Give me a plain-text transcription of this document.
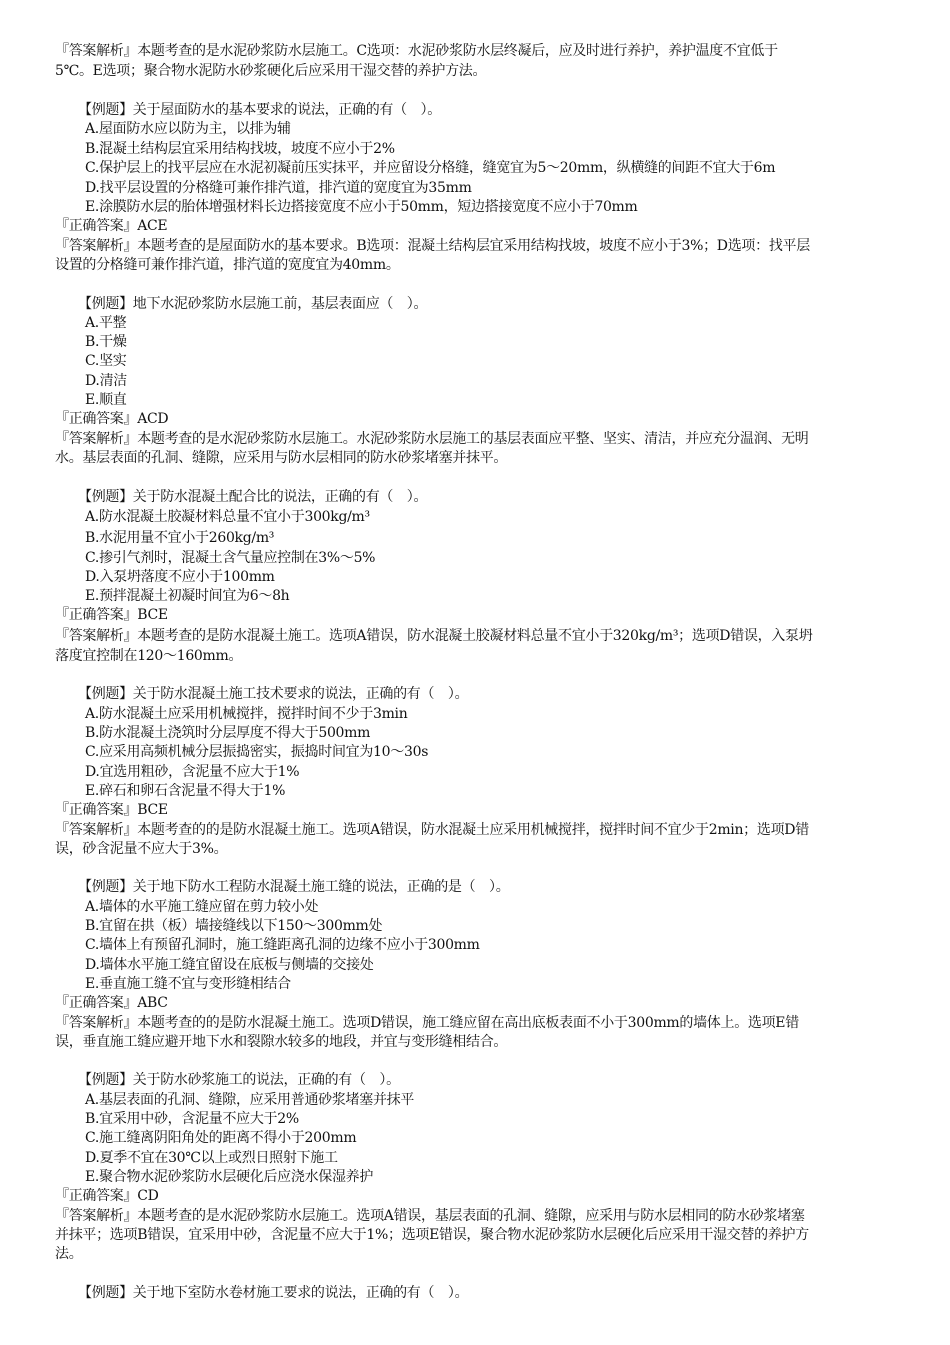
『答案解析』本题考查的是水泥砂浆防水层施工。C选项：水泥砂浆防水层终凝后，应及时进行养护，养护温度不宜低于
5℃。E选项；聚合物水泥防水砂浆硬化后应采用干湿交替的养护方法。
【例题】关于屋面防水的基本要求的说法，正确的有（　）。
A.屋面防水应以防为主，以排为辅
B.混凝土结构层宜采用结构找坡，坡度不应小于2%
C.保护层上的找平层应在水泥初凝前压实抹平，并应留设分格缝，缝宽宜为5～20mm，纵横缝的间距不宜大于6m
D.找平层设置的分格缝可兼作排汽道，排汽道的宽度宜为35mm
E.涂膜防水层的胎体增强材料长边搭接宽度不应小于50mm，短边搭接宽度不应小于70mm
『正确答案』ACE
『答案解析』本题考查的是屋面防水的基本要求。B选项：混凝土结构层宜采用结构找坡，坡度不应小于3%；D选项：找平层
设置的分格缝可兼作排汽道，排汽道的宽度宜为40mm。
【例题】地下水泥砂浆防水层施工前，基层表面应（　）。
A.平整
B.干燥
C.坚实
D.清洁
E.顺直
『正确答案』ACD
『答案解析』本题考查的是水泥砂浆防水层施工。水泥砂浆防水层施工的基层表面应平整、坚实、清洁，并应充分温润、无明
水。基层表面的孔洞、缝隙，应采用与防水层相同的防水砂浆堵塞并抹平。
【例题】关于防水混凝土配合比的说法，正确的有（　）。
A.防水混凝土胶凝材料总量不宜小于300kg/m³
B.水泥用量不宜小于260kg/m³
C.掺引气剂时，混凝土含气量应控制在3%～5%
D.入泵坍落度不应小于100mm
E.预拌混凝土初凝时间宜为6～8h
『正确答案』BCE
『答案解析』本题考查的是防水混凝土施工。选项A错误，防水混凝土胶凝材料总量不宜小于320kg/m³；选项D错误，入泵坍
落度宜控制在120～160mm。
【例题】关于防水混凝土施工技术要求的说法，正确的有（　）。
A.防水混凝土应采用机械搅拌，搅拌时间不少于3min
B.防水混凝土浇筑时分层厚度不得大于500mm
C.应采用高频机械分层振捣密实，振捣时间宜为10～30s
D.宜选用粗砂，含泥量不应大于1%
E.碎石和卵石含泥量不得大于1%
『正确答案』BCE
『答案解析』本题考查的的是防水混凝土施工。选项A错误，防水混凝土应采用机械搅拌，搅拌时间不宜少于2min；选项D错
误，砂含泥量不应大于3%。
【例题】关于地下防水工程防水混凝土施工缝的说法，正确的是（　）。
A.墙体的水平施工缝应留在剪力较小处
B.宜留在拱（板）墙接缝线以下150～300mm处
C.墙体上有预留孔洞时，施工缝距离孔洞的边缘不应小于300mm
D.墙体水平施工缝宜留设在底板与侧墙的交接处
E.垂直施工缝不宜与变形缝相结合
『正确答案』ABC
『答案解析』本题考查的的是防水混凝土施工。选项D错误，施工缝应留在高出底板表面不小于300mm的墙体上。选项E错
误，垂直施工缝应避开地下水和裂隙水较多的地段，并宜与变形缝相结合。
【例题】关于防水砂浆施工的说法，正确的有（　）。
A.基层表面的孔洞、缝隙，应采用普通砂浆堵塞并抹平
B.宜采用中砂，含泥量不应大于2%
C.施工缝离阴阳角处的距离不得小于200mm
D.夏季不宜在30℃以上或烈日照射下施工
E.聚合物水泥砂浆防水层硬化后应浇水保湿养护
『正确答案』CD
『答案解析』本题考查的是水泥砂浆防水层施工。选项A错误，基层表面的孔洞、缝隙，应采用与防水层相同的防水砂浆堵塞
并抹平；选项B错误，宜采用中砂，含泥量不应大于1%；选项E错误，聚合物水泥砂浆防水层硬化后应采用干湿交替的养护方
法。
【例题】关于地下室防水卷材施工要求的说法，正确的有（　）。
